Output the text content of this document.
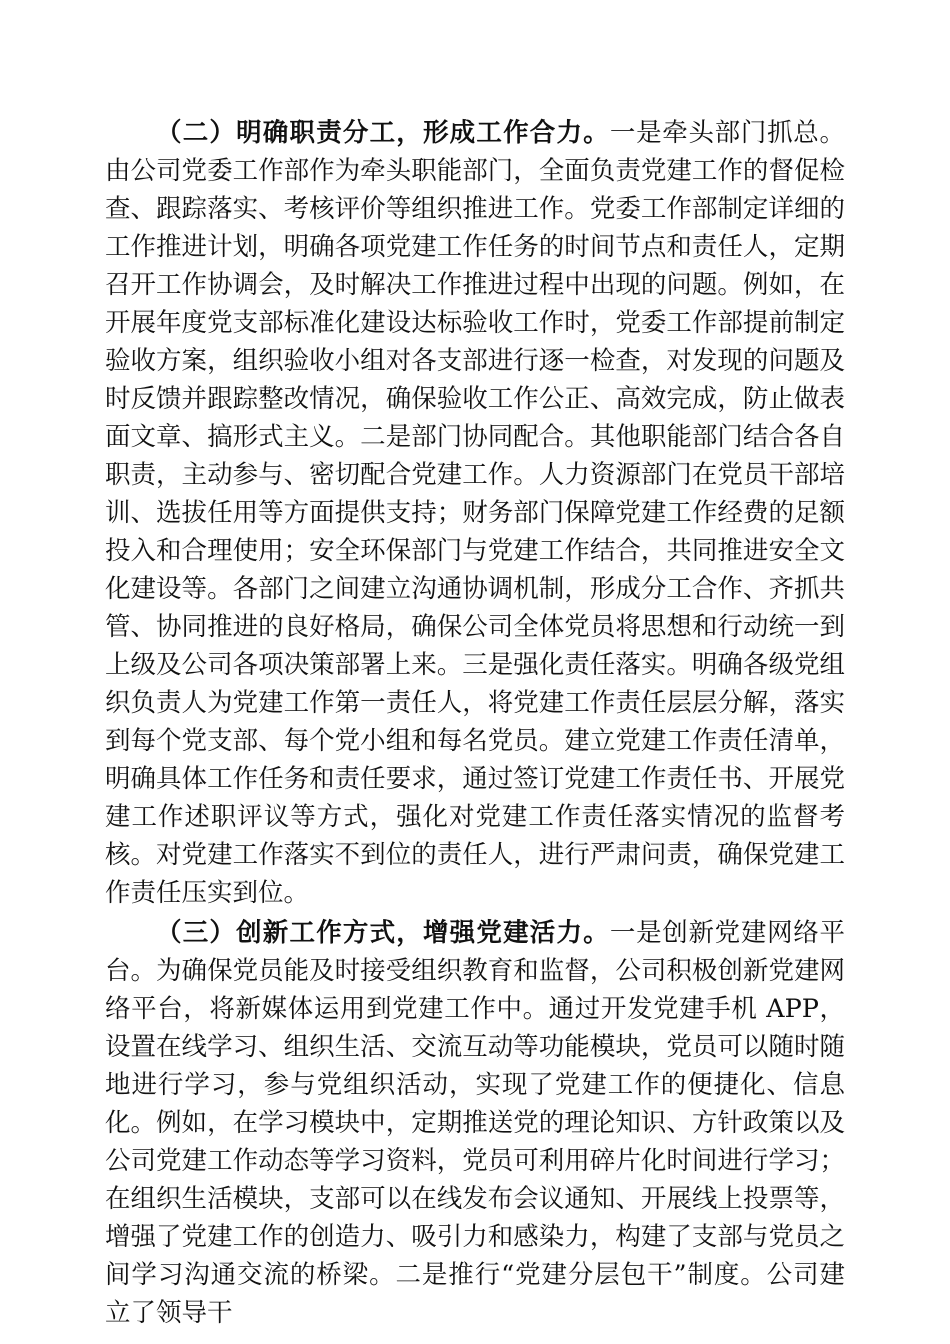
（二）明确职责分工，形成工作合力。一是牵头部门抓总。由公司党委工作部作为牵头职能部门，全面负责党建工作的督促检查、跟踪落实、考核评价等组织推进工作。党委工作部制定详细的工作推进计划，明确各项党建工作任务的时间节点和责任人，定期召开工作协调会，及时解决工作推进过程中出现的问题。例如，在开展年度党支部标准化建设达标验收工作时，党委工作部提前制定验收方案，组织验收小组对各支部进行逐一检查，对发现的问题及时反馈并跟踪整改情况，确保验收工作公正、高效完成，防止做表面文章、搞形式主义。二是部门协同配合。其他职能部门结合各自职责，主动参与、密切配合党建工作。人力资源部门在党员干部培训、选拔任用等方面提供支持；财务部门保障党建工作经费的足额投入和合理使用；安全环保部门与党建工作结合，共同推进安全文化建设等。各部门之间建立沟通协调机制，形成分工合作、齐抓共管、协同推进的良好格局，确保公司全体党员将思想和行动统一到上级及公司各项决策部署上来。三是强化责任落实。明确各级党组织负责人为党建工作第一责任人，将党建工作责任层层分解，落实到每个党支部、每个党小组和每名党员。建立党建工作责任清单，明确具体工作任务和责任要求，通过签订党建工作责任书、开展党建工作述职评议等方式，强化对党建工作责任落实情况的监督考核。对党建工作落实不到位的责任人，进行严肃问责，确保党建工作责任压实到位。

（三）创新工作方式，增强党建活力。一是创新党建网络平台。为确保党员能及时接受组织教育和监督，公司积极创新党建网络平台，将新媒体运用到党建工作中。通过开发党建手机 APP，设置在线学习、组织生活、交流互动等功能模块，党员可以随时随地进行学习，参与党组织活动，实现了党建工作的便捷化、信息化。例如，在学习模块中，定期推送党的理论知识、方针政策以及公司党建工作动态等学习资料，党员可利用碎片化时间进行学习；在组织生活模块，支部可以在线发布会议通知、开展线上投票等，增强了党建工作的创造力、吸引力和感染力，构建了支部与党员之间学习沟通交流的桥梁。二是推行“党建分层包干”制度。公司建立了领导干
